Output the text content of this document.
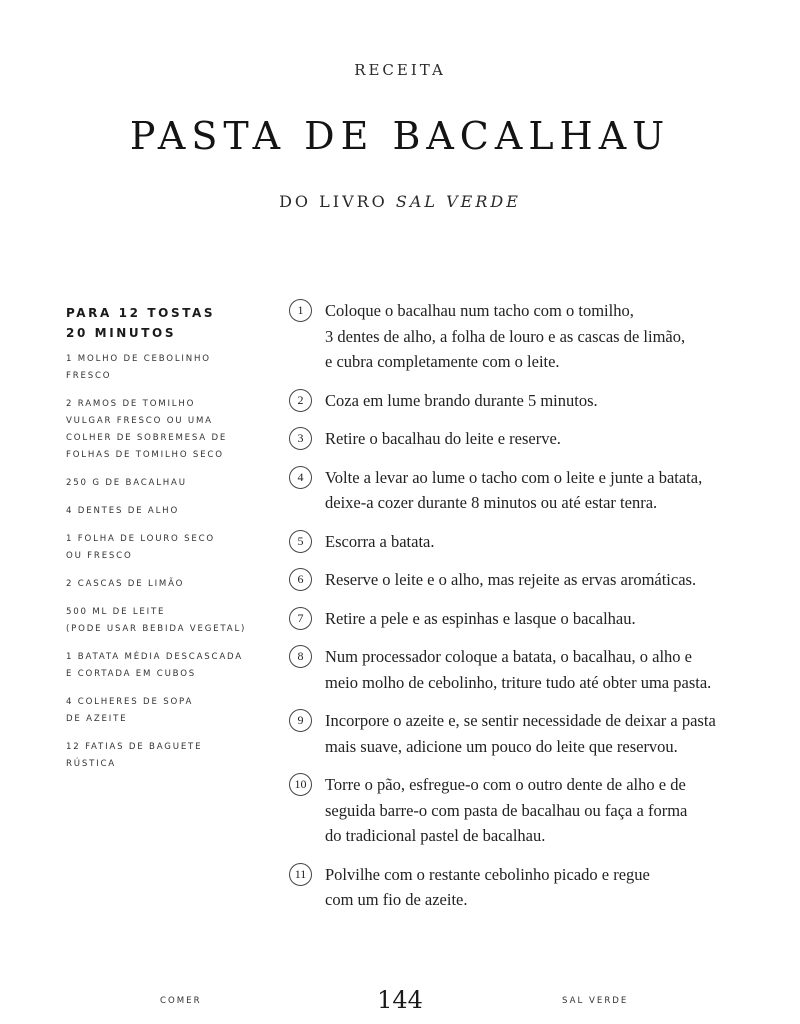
RECEITA
PASTA DE BACALHAU
DO LIVRO SAL VERDE
PARA 12 TOSTAS
20 MINUTOS
1 MOLHO DE CEBOLINHO
FRESCO
2 RAMOS DE TOMILHO
VULGAR FRESCO OU UMA
COLHER DE SOBREMESA DE
FOLHAS DE TOMILHO SECO
250 G DE BACALHAU
4 DENTES DE ALHO
1 FOLHA DE LOURO SECO
OU FRESCO
2 CASCAS DE LIMÃO
500 ML DE LEITE
(PODE USAR BEBIDA VEGETAL)
1 BATATA MÉDIA DESCASCADA
E CORTADA EM CUBOS
4 COLHERES DE SOPA
DE AZEITE
12 FATIAS DE BAGUETE
RÚSTICA
1	Coloque o bacalhau num tacho com o tomilho,
3 dentes de alho, a folha de louro e as cascas de limão,
e cubra completamente com o leite.
2	Coza em lume brando durante 5 minutos.
3	Retire o bacalhau do leite e reserve.
4	Volte a levar ao lume o tacho com o leite e junte a batata,
deixe-a cozer durante 8 minutos ou até estar tenra.
5	Escorra a batata.
6	Reserve o leite e o alho, mas rejeite as ervas aromáticas.
7	Retire a pele e as espinhas e lasque o bacalhau.
8	Num processador coloque a batata, o bacalhau, o alho e
meio molho de cebolinho, triture tudo até obter uma pasta.
9	Incorpore o azeite e, se sentir necessidade de deixar a pasta
mais suave, adicione um pouco do leite que reservou.
10	Torre o pão, esfregue-o com o outro dente de alho e de
seguida barre-o com pasta de bacalhau ou faça a forma
do tradicional pastel de bacalhau.
11	Polvilhe com o restante cebolinho picado e regue
com um fio de azeite.
COMER	144	SAL VERDE
